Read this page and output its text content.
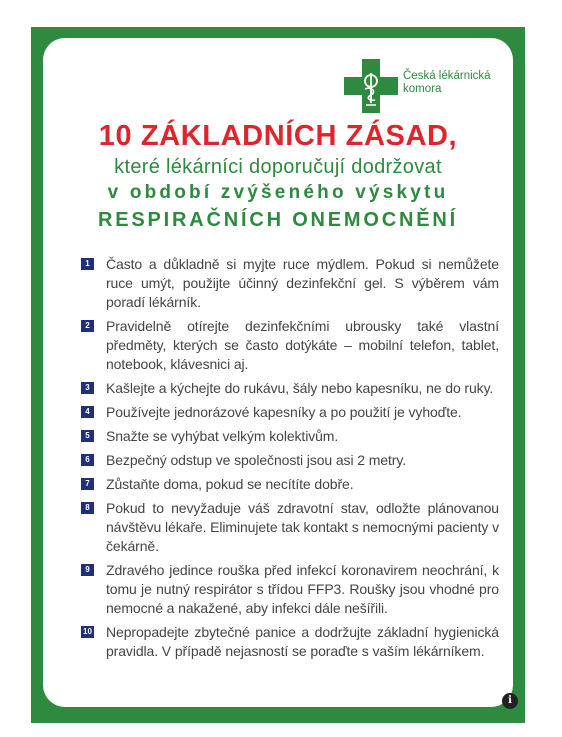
Česká lékárnická
komora
10 ZÁKLADNÍCH ZÁSAD,
které lékárníci doporučují dodržovat
v období zvýšeného výskytu
RESPIRAČNÍCH ONEMOCNĚNÍ
1	Často a důkladně si myjte ruce mýdlem. Pokud si nemůžete ruce umýt, použijte účinný dezinfekční gel. S výběrem vám poradí lékárník.
2	Pravidelně otírejte dezinfekčními ubrousky také vlastní předměty, kterých se často dotýkáte – mobilní telefon, tablet, notebook, klávesnici aj.
3	Kašlejte a kýchejte do rukávu, šály nebo kapesníku, ne do ruky.
4	Používejte jednorázové kapesníky a po použití je vyhoďte.
5	Snažte se vyhýbat velkým kolektivům.
6	Bezpečný odstup ve společnosti jsou asi 2 metry.
7	Zůstaňte doma, pokud se necítíte dobře.
8	Pokud to nevyžaduje váš zdravotní stav, odložte plánovanou návštěvu lékaře. Eliminujete tak kontakt s nemocnými pacienty v čekárně.
9	Zdravého jedince rouška před infekcí koronavirem neochrání, k tomu je nutný respirátor s třídou FFP3. Roušky jsou vhodné pro nemocné a nakažené, aby infekci dále nešířili.
10 Nepropadejte zbytečné panice a dodržujte základní hygienická pravidla. V případě nejasností se poraďte s vaším lékárníkem.
i
